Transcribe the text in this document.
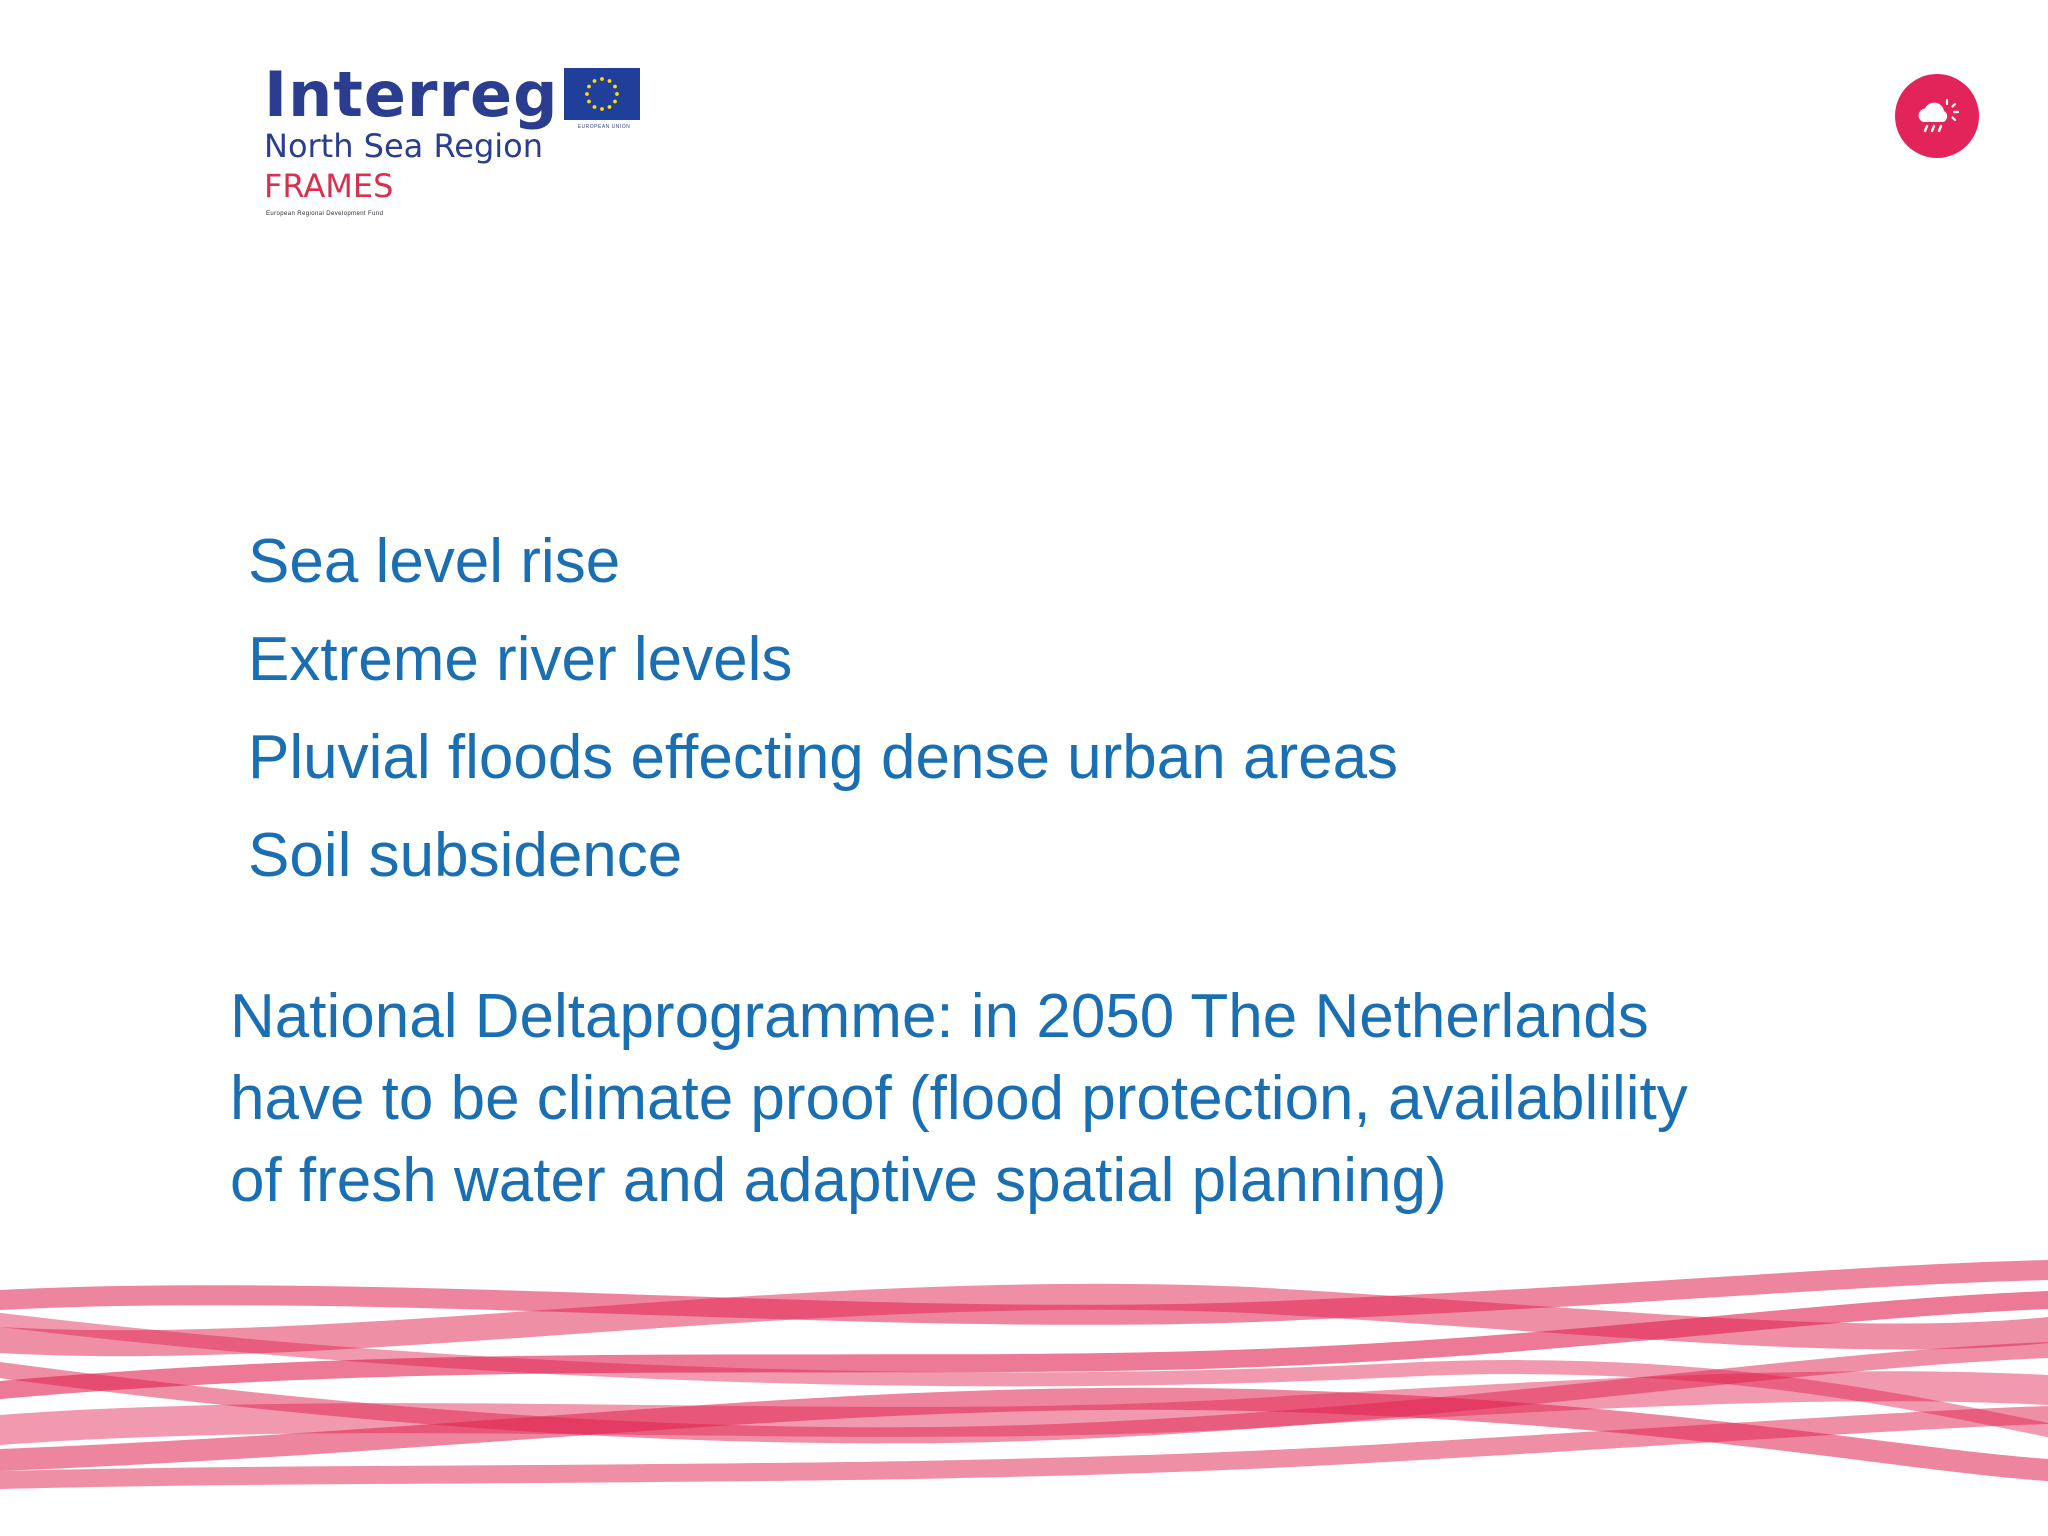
Interreg	EUROPEAN UNION
North Sea Region
FRAMES
European Regional Development Fund
Sea level rise
Extreme river levels
Pluvial floods effecting dense urban areas
Soil subsidence
National Deltaprogramme: in 2050 The Netherlands have to be climate proof (flood protection, availablility of fresh water and adaptive spatial planning)
